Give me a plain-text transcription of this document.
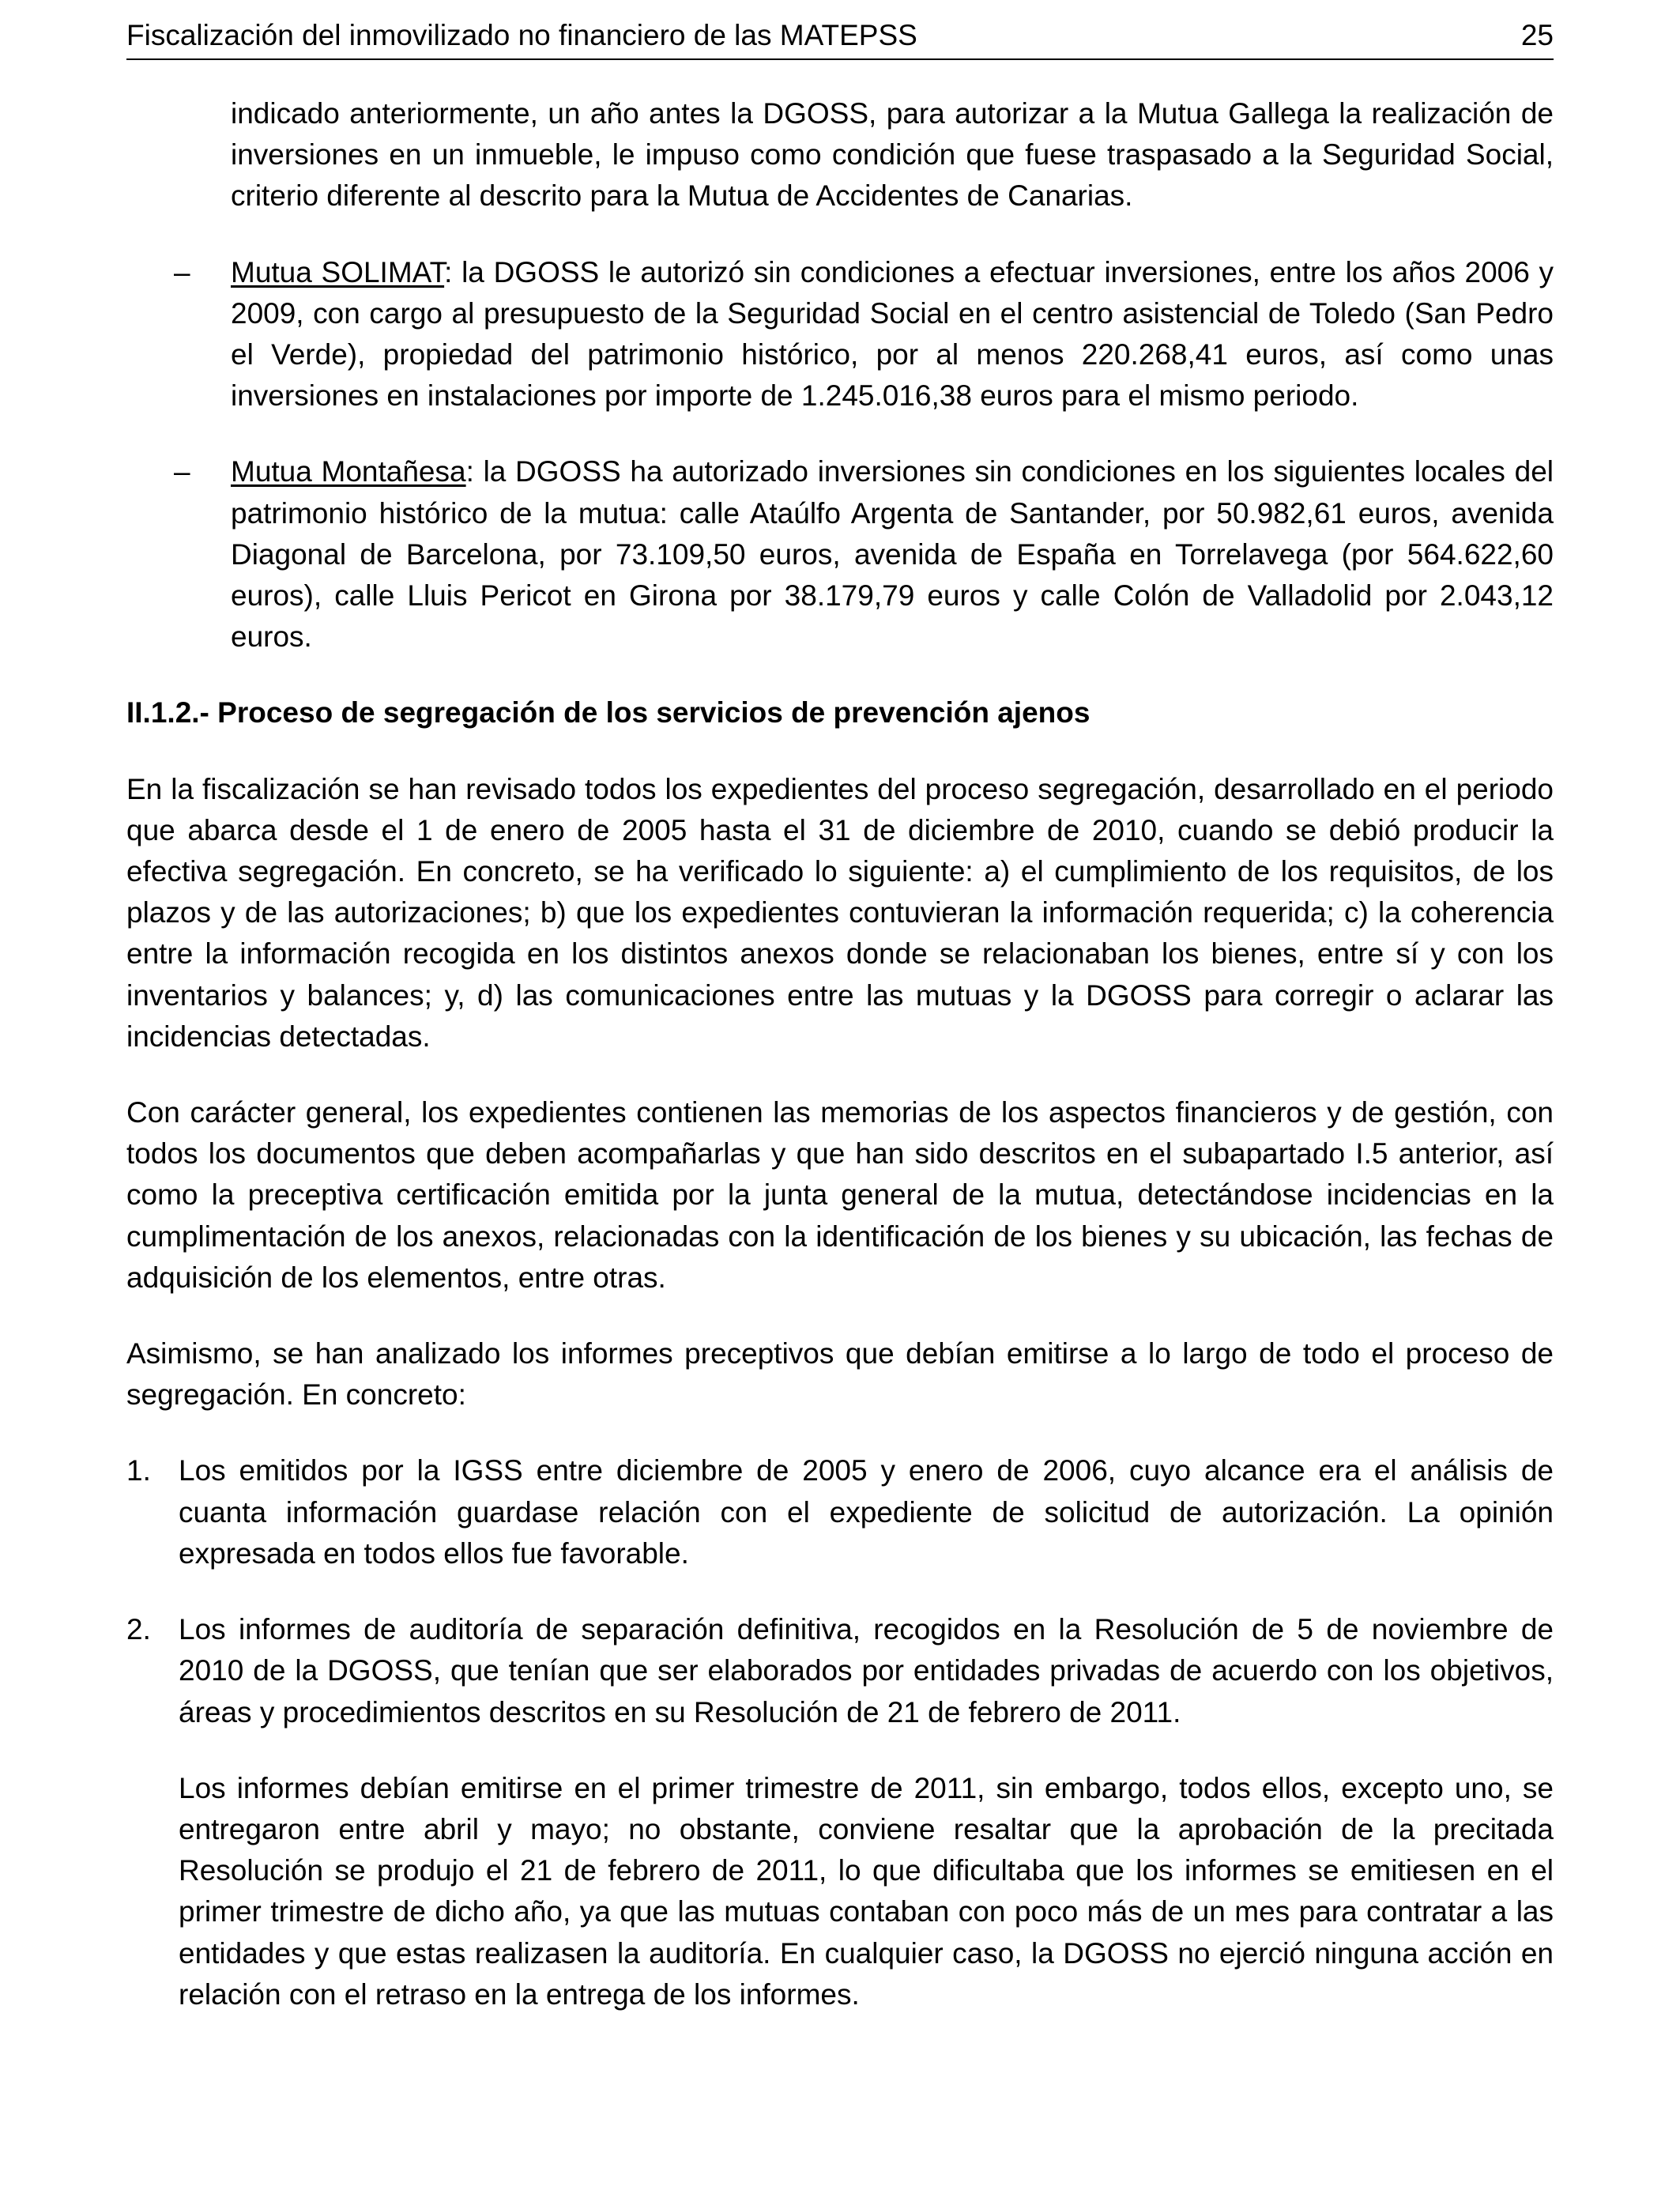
Fiscalización del inmovilizado no financiero de las MATEPSS	25

indicado anteriormente, un año antes la DGOSS, para autorizar a la Mutua Gallega la realización de inversiones en un inmueble, le impuso como condición que fuese traspasado a la Seguridad Social, criterio diferente al descrito para la Mutua de Accidentes de Canarias.

– Mutua SOLIMAT: la DGOSS le autorizó sin condiciones a efectuar inversiones, entre los años 2006 y 2009, con cargo al presupuesto de la Seguridad Social en el centro asistencial de Toledo (San Pedro el Verde), propiedad del patrimonio histórico, por al menos 220.268,41 euros, así como unas inversiones en instalaciones por importe de 1.245.016,38 euros para el mismo periodo.
– Mutua Montañesa: la DGOSS ha autorizado inversiones sin condiciones en los siguientes locales del patrimonio histórico de la mutua: calle Ataúlfo Argenta de Santander, por 50.982,61 euros, avenida Diagonal de Barcelona, por 73.109,50 euros, avenida de España en Torrelavega (por 564.622,60 euros), calle Lluis Pericot en Girona por 38.179,79 euros y calle Colón de Valladolid por 2.043,12 euros.
II.1.2.- Proceso de segregación de los servicios de prevención ajenos

En la fiscalización se han revisado todos los expedientes del proceso segregación, desarrollado en el periodo que abarca desde el 1 de enero de 2005 hasta el 31 de diciembre de 2010, cuando se debió producir la efectiva segregación. En concreto, se ha verificado lo siguiente: a) el cumplimiento de los requisitos, de los plazos y de las autorizaciones; b) que los expedientes contuvieran la información requerida; c) la coherencia entre la información recogida en los distintos anexos donde se relacionaban los bienes, entre sí y con los inventarios y balances; y, d) las comunicaciones entre las mutuas y la DGOSS para corregir o aclarar las incidencias detectadas.

Con carácter general, los expedientes contienen las memorias de los aspectos financieros y de gestión, con todos los documentos que deben acompañarlas y que han sido descritos en el subapartado I.5 anterior, así como la preceptiva certificación emitida por la junta general de la mutua, detectándose incidencias en la cumplimentación de los anexos, relacionadas con la identificación de los bienes y su ubicación, las fechas de adquisición de los elementos, entre otras.

Asimismo, se han analizado los informes preceptivos que debían emitirse a lo largo de todo el proceso de segregación. En concreto:

1. Los emitidos por la IGSS entre diciembre de 2005 y enero de 2006, cuyo alcance era el análisis de cuanta información guardase relación con el expediente de solicitud de autorización. La opinión expresada en todos ellos fue favorable.
2. Los informes de auditoría de separación definitiva, recogidos en la Resolución de 5 de noviembre de 2010 de la DGOSS, que tenían que ser elaborados por entidades privadas de acuerdo con los objetivos, áreas y procedimientos descritos en su Resolución de 21 de febrero de 2011.

Los informes debían emitirse en el primer trimestre de 2011, sin embargo, todos ellos, excepto uno, se entregaron entre abril y mayo; no obstante, conviene resaltar que la aprobación de la precitada Resolución se produjo el 21 de febrero de 2011, lo que dificultaba que los informes se emitiesen en el primer trimestre de dicho año, ya que las mutuas contaban con poco más de un mes para contratar a las entidades y que estas realizasen la auditoría. En cualquier caso, la DGOSS no ejerció ninguna acción en relación con el retraso en la entrega de los informes.
